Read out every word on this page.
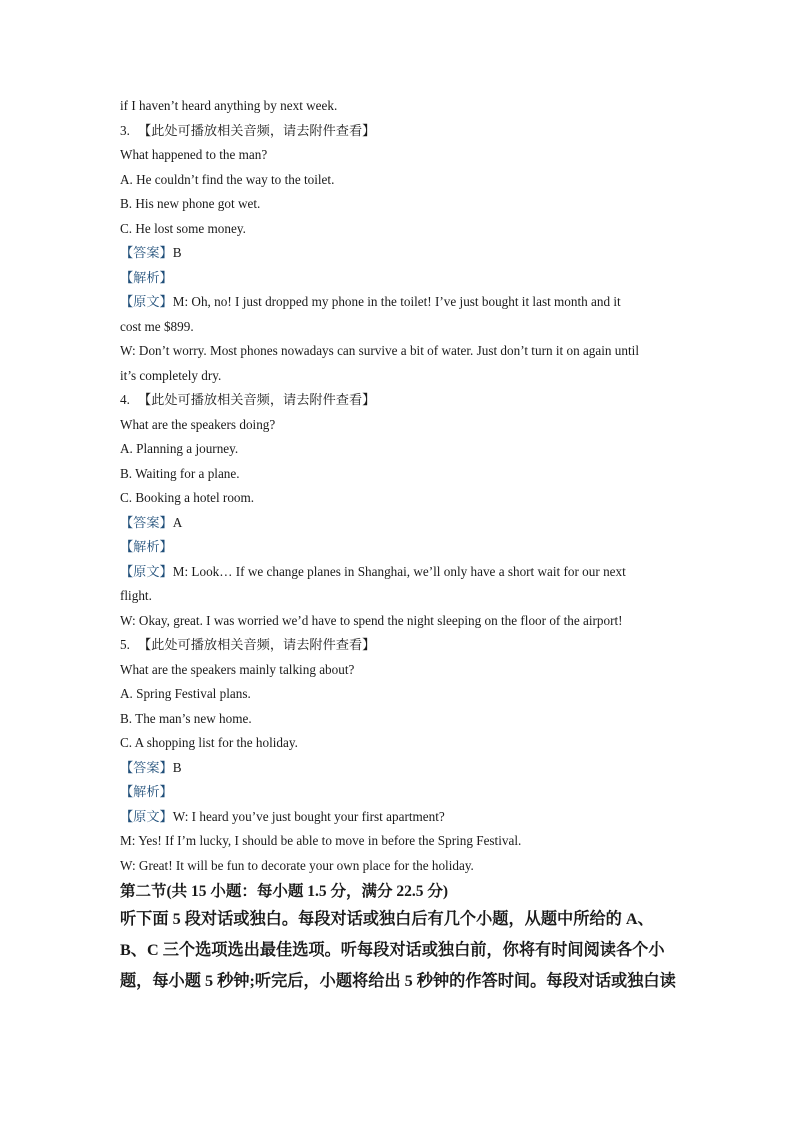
if I haven’t heard anything by next week.
3. 【此处可播放相关音频，请去附件查看】
What happened to the man?
A. He couldn’t find the way to the toilet.
B. His new phone got wet.
C. He lost some money.
【答案】B
【解析】
【原文】M: Oh, no! I just dropped my phone in the toilet! I’ve just bought it last month and it
cost me $899.
W: Don’t worry. Most phones nowadays can survive a bit of water. Just don’t turn it on again until
it’s completely dry.
4. 【此处可播放相关音频，请去附件查看】
What are the speakers doing?
A. Planning a journey.
B. Waiting for a plane.
C. Booking a hotel room.
【答案】A
【解析】
【原文】M: Look… If we change planes in Shanghai, we’ll only have a short wait for our next
flight.
W: Okay, great. I was worried we’d have to spend the night sleeping on the floor of the airport!
5. 【此处可播放相关音频，请去附件查看】
What are the speakers mainly talking about?
A. Spring Festival plans.
B. The man’s new home.
C. A shopping list for the holiday.
【答案】B
【解析】
【原文】W: I heard you’ve just bought your first apartment?
M: Yes! If I’m lucky, I should be able to move in before the Spring Festival.
W: Great! It will be fun to decorate your own place for the holiday.
第二节(共 15 小题：每小题 1.5 分，满分 22.5 分)
听下面 5 段对话或独白。每段对话或独白后有几个小题，从题中所给的 A、
B、C 三个选项选出最佳选项。听每段对话或独白前，你将有时间阅读各个小
题，每小题 5 秒钟;听完后，小题将给出 5 秒钟的作答时间。每段对话或独白读
